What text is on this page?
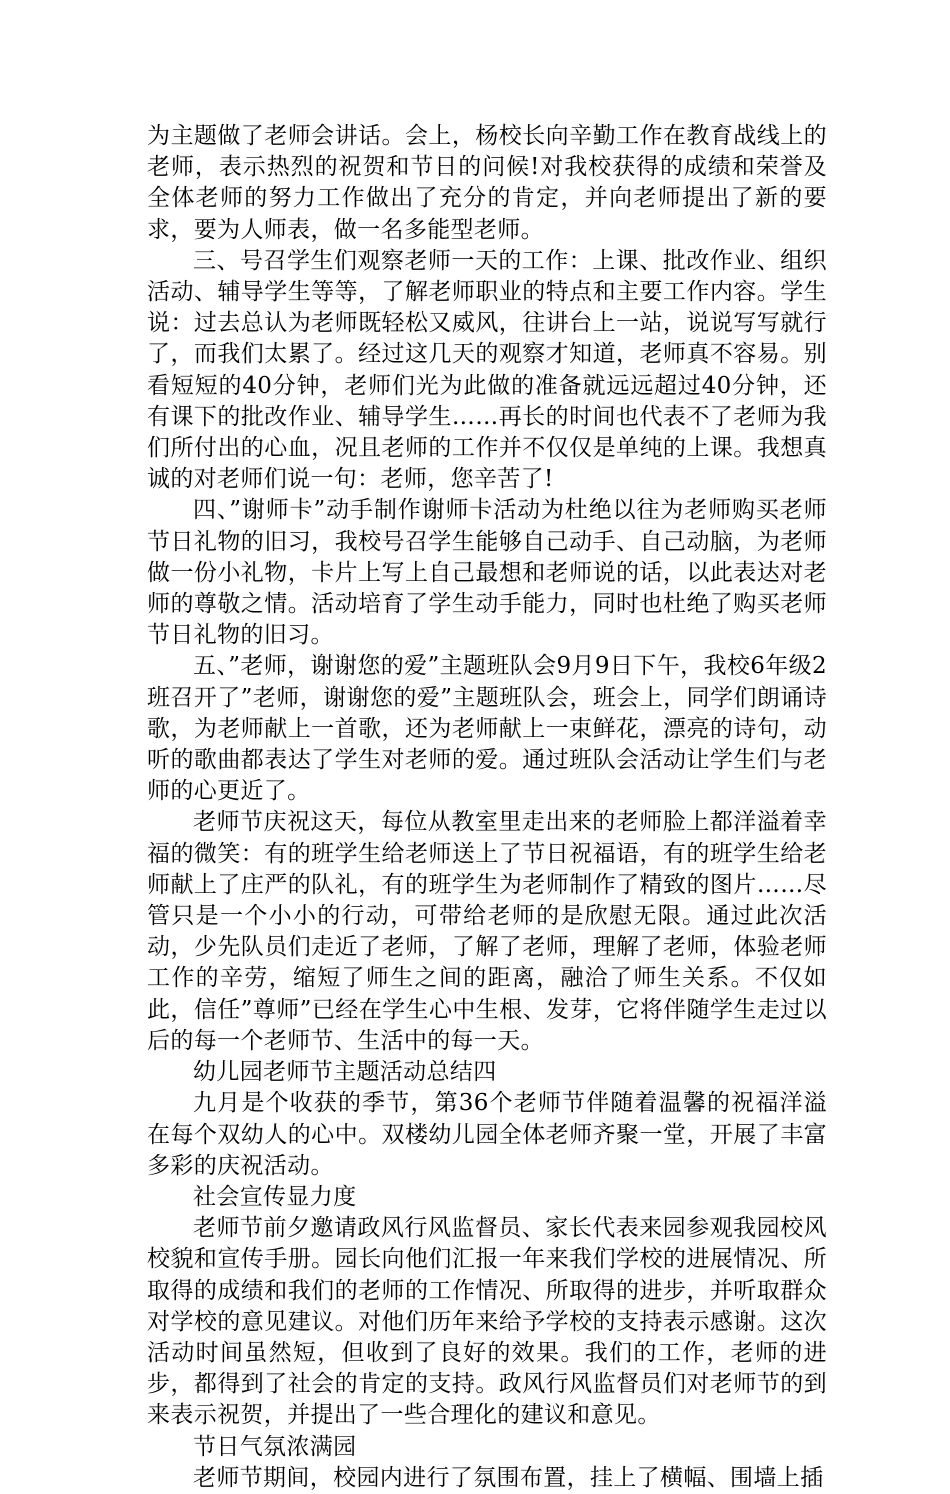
为主题做了老师会讲话。会上，杨校长向辛勤工作在教育战线上的老师，表示热烈的祝贺和节日的问候!对我校获得的成绩和荣誉及全体老师的努力工作做出了充分的肯定，并向老师提出了新的要求，要为人师表，做一名多能型老师。

三、号召学生们观察老师一天的工作：上课、批改作业、组织活动、辅导学生等等，了解老师职业的特点和主要工作内容。学生说：过去总认为老师既轻松又威风，往讲台上一站，说说写写就行了，而我们太累了。经过这几天的观察才知道，老师真不容易。别看短短的40分钟，老师们光为此做的准备就远远超过40分钟，还有课下的批改作业、辅导学生……再长的时间也代表不了老师为我们所付出的心血，况且老师的工作并不仅仅是单纯的上课。我想真诚的对老师们说一句：老师，您辛苦了!

四、”谢师卡”动手制作谢师卡活动为杜绝以往为老师购买老师节日礼物的旧习，我校号召学生能够自己动手、自己动脑，为老师做一份小礼物，卡片上写上自己最想和老师说的话，以此表达对老师的尊敬之情。活动培育了学生动手能力，同时也杜绝了购买老师节日礼物的旧习。

五、”老师，谢谢您的爱”主题班队会9月9日下午，我校6年级2班召开了”老师，谢谢您的爱”主题班队会，班会上，同学们朗诵诗歌，为老师献上一首歌，还为老师献上一束鲜花，漂亮的诗句，动听的歌曲都表达了学生对老师的爱。通过班队会活动让学生们与老师的心更近了。

老师节庆祝这天，每位从教室里走出来的老师脸上都洋溢着幸福的微笑：有的班学生给老师送上了节日祝福语，有的班学生给老师献上了庄严的队礼，有的班学生为老师制作了精致的图片……尽管只是一个小小的行动，可带给老师的是欣慰无限。通过此次活动，少先队员们走近了老师，了解了老师，理解了老师，体验老师工作的辛劳，缩短了师生之间的距离，融洽了师生关系。不仅如此，信任”尊师”已经在学生心中生根、发芽，它将伴随学生走过以后的每一个老师节、生活中的每一天。

幼儿园老师节主题活动总结四

九月是个收获的季节，第36个老师节伴随着温馨的祝福洋溢在每个双幼人的心中。双楼幼儿园全体老师齐聚一堂，开展了丰富多彩的庆祝活动。

社会宣传显力度

老师节前夕邀请政风行风监督员、家长代表来园参观我园校风校貌和宣传手册。园长向他们汇报一年来我们学校的进展情况、所取得的成绩和我们的老师的工作情况、所取得的进步，并听取群众对学校的意见建议。对他们历年来给予学校的支持表示感谢。这次活动时间虽然短，但收到了良好的效果。我们的工作，老师的进步，都得到了社会的肯定的支持。政风行风监督员们对老师节的到来表示祝贺，并提出了一些合理化的建议和意见。

节日气氛浓满园

老师节期间，校园内进行了氛围布置，挂上了横幅、围墙上插
